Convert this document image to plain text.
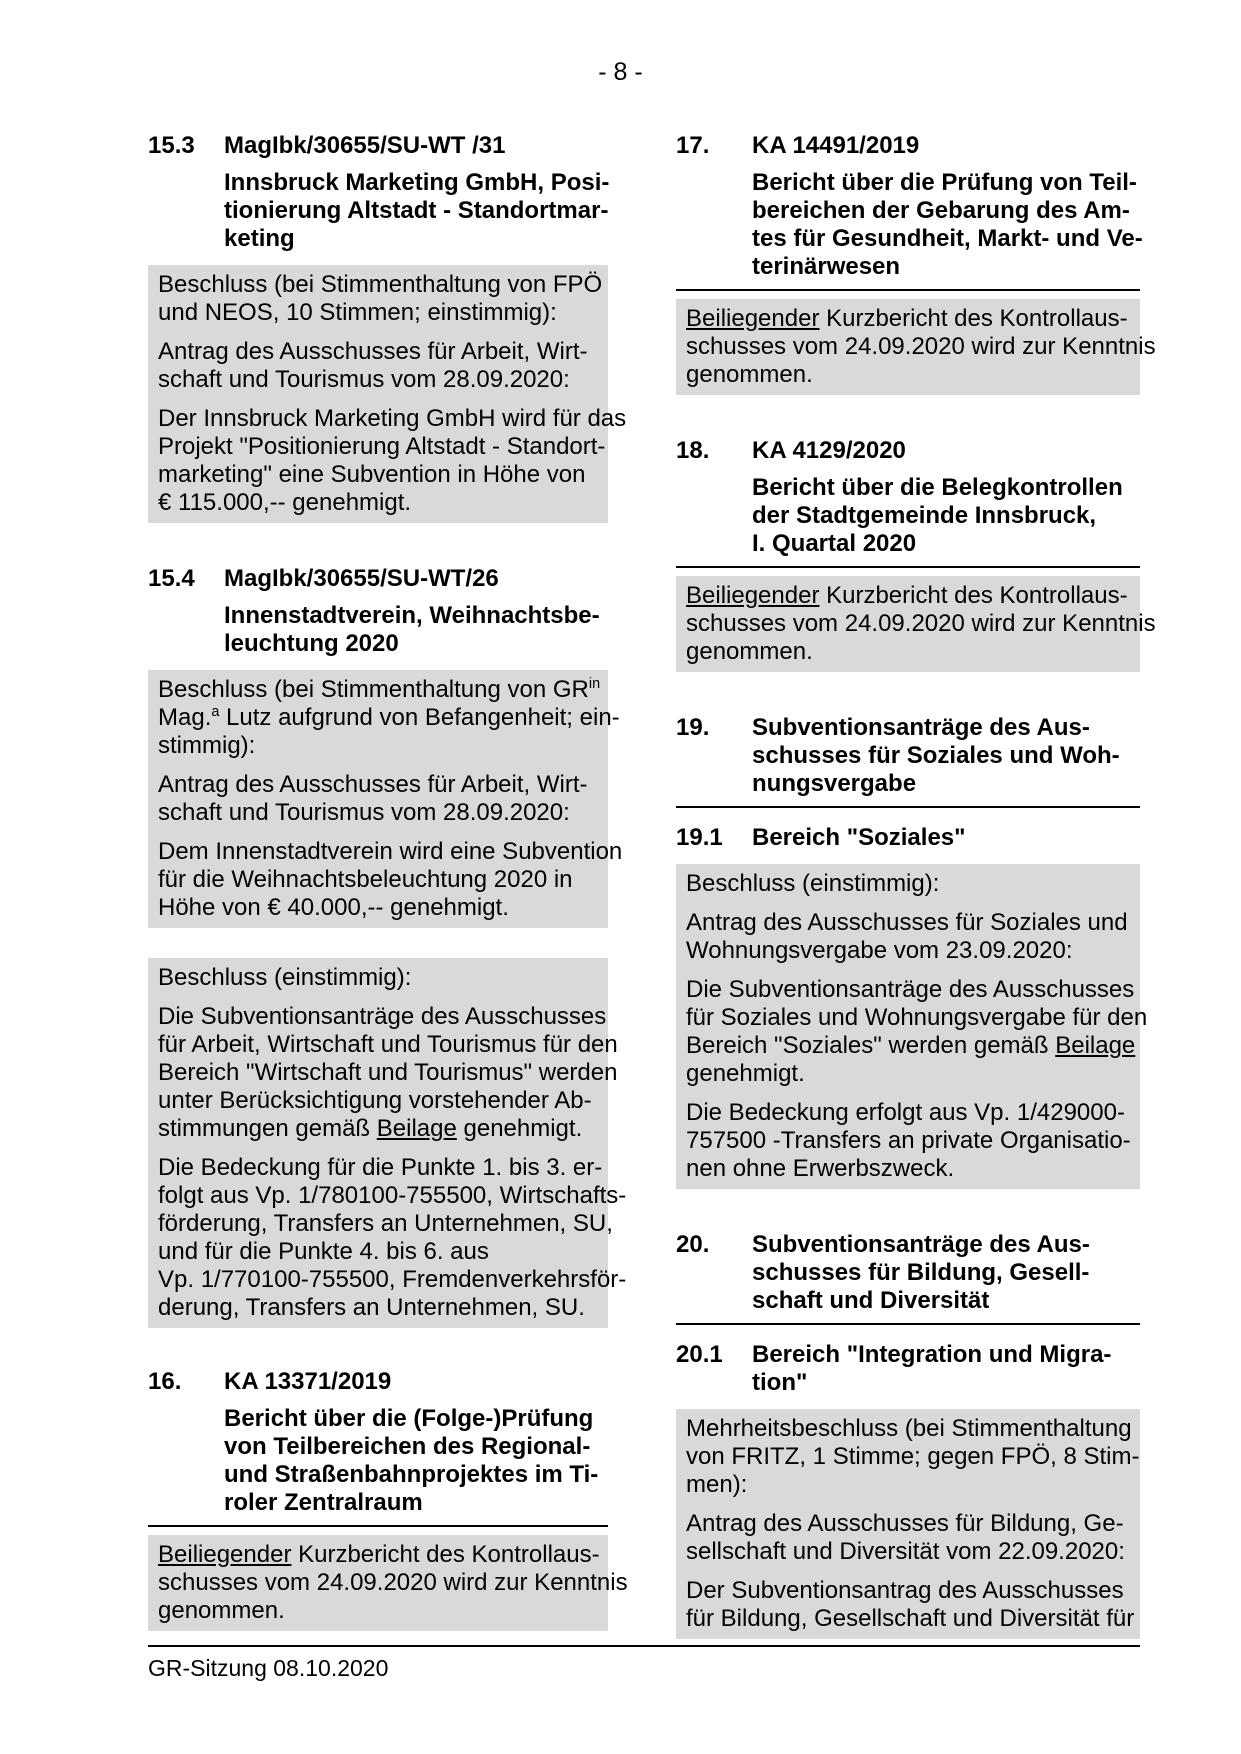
- 8 -
15.3	MagIbk/30655/SU-WT /31
Innsbruck Marketing GmbH, Posi-
tionierung Altstadt - Standortmar-
keting

Beschluss (bei Stimmenthaltung von FPÖ
und NEOS, 10 Stimmen; einstimmig):

Antrag des Ausschusses für Arbeit, Wirt-
schaft und Tourismus vom 28.09.2020:

Der Innsbruck Marketing GmbH wird für das
Projekt "Positionierung Altstadt - Standort-
marketing" eine Subvention in Höhe von
€ 115.000,-- genehmigt.

15.4	MagIbk/30655/SU-WT/26
Innenstadtverein, Weihnachtsbe-
leuchtung 2020

Beschluss (bei Stimmenthaltung von $GR^{in}$
Mag.$^a$ Lutz aufgrund von Befangenheit; ein-
stimmig):

Antrag des Ausschusses für Arbeit, Wirt-
schaft und Tourismus vom 28.09.2020:

Dem Innenstadtverein wird eine Subvention
für die Weihnachtsbeleuchtung 2020 in
Höhe von € 40.000,-- genehmigt.

Beschluss (einstimmig):

Die Subventionsanträge des Ausschusses
für Arbeit, Wirtschaft und Tourismus für den
Bereich "Wirtschaft und Tourismus" werden
unter Berücksichtigung vorstehender Ab-
stimmungen gemäß Beilage genehmigt.

Die Bedeckung für die Punkte 1. bis 3. er-
folgt aus Vp. 1/780100-755500, Wirtschafts-
förderung, Transfers an Unternehmen, SU,
und für die Punkte 4. bis 6. aus
Vp. 1/770100-755500, Fremdenverkehrsför-
derung, Transfers an Unternehmen, SU.

16.	KA 13371/2019
Bericht über die (Folge-)Prüfung
von Teilbereichen des Regional-
und Straßenbahnprojektes im Ti-
roler Zentralraum

Beiliegender Kurzbericht des Kontrollaus-
schusses vom 24.09.2020 wird zur Kenntnis
genommen.

17.	KA 14491/2019
Bericht über die Prüfung von Teil-
bereichen der Gebarung des Am-
tes für Gesundheit, Markt- und Ve-
terinärwesen

Beiliegender Kurzbericht des Kontrollaus-
schusses vom 24.09.2020 wird zur Kenntnis
genommen.

18.	KA 4129/2020
Bericht über die Belegkontrollen
der Stadtgemeinde Innsbruck,
I. Quartal 2020

Beiliegender Kurzbericht des Kontrollaus-
schusses vom 24.09.2020 wird zur Kenntnis
genommen.

19.	Subventionsanträge des Aus-
schusses für Soziales und Woh-
nungsvergabe
19.1	Bereich "Soziales"

Beschluss (einstimmig):

Antrag des Ausschusses für Soziales und
Wohnungsvergabe vom 23.09.2020:

Die Subventionsanträge des Ausschusses
für Soziales und Wohnungsvergabe für den
Bereich "Soziales" werden gemäß Beilage
genehmigt.

Die Bedeckung erfolgt aus Vp. 1/429000-
757500 -Transfers an private Organisatio-
nen ohne Erwerbszweck.

20.	Subventionsanträge des Aus-
schusses für Bildung, Gesell-
schaft und Diversität
20.1	Bereich "Integration und Migra-
tion"

Mehrheitsbeschluss (bei Stimmenthaltung
von FRITZ, 1 Stimme; gegen FPÖ, 8 Stim-
men):

Antrag des Ausschusses für Bildung, Ge-
sellschaft und Diversität vom 22.09.2020:

Der Subventionsantrag des Ausschusses
für Bildung, Gesellschaft und Diversität für

GR-Sitzung 08.10.2020
